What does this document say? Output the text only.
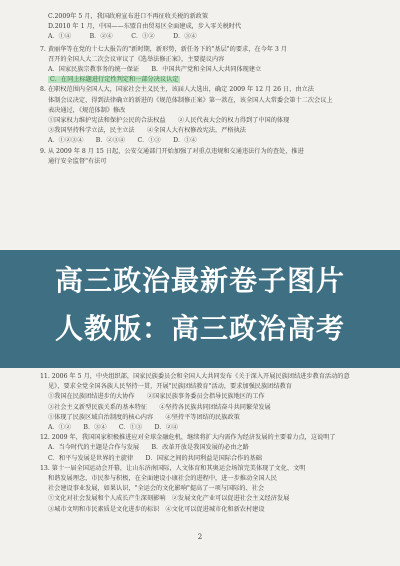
C.2009年 5 月，我国政府宣布进口不再征收关税的新政策
D.2010 年 1 月，中国——东盟自由贸易区全面建成，步入零关税时代
A．①④　　　B．②④　　　C．①②　　　D．③④
7. 黄丽华等在党的十七大报告的"新时期，新形势，新任务下的"基层"的要求，在今年 3 月
召开的全国人大二次会议审议了《选举法修正案》，主要提议内容
A．国家民族宗教事务的统一保证　　B．中国共产党和全国人大共同体现建立
C．在同上标题进行定性判定和一部分决议认定
8. 在职权范围内全国人大，国家社会主义民主，该届人大选出，确定 2009 年 12 月 26 日，由立法
体制会议决定，得到法律确立的新进的《规范体制修正案》第一款在，该全国人大常委会第十二次会议上
表决通过，《规范体制》修改
①国家权力维护宪法和保护公民的合法权益　　②人民代表大会的权力得到了中国的体现
③我国坚持科学立法，民主立法　　④全国人大有权修改宪法，严格执法
A．①②③④　　B．②③④　　C．①③　　D．①④
9. 从 2009 年 8 月 15 日起，公安交通部门开始加强了对重点违规和交通违法行为的查处，推进
通行安全监督"有法可
高三政治最新卷子图片
人教版：高三政治高考
11. 2006 年 5 月，中央组织部，国家民族委员会和全国人大共同发布《关于深入开展民族团结进步教育活动的意
见》，要求全党全国各族人民坚持一贯，开展"民族团结教育"活动，要求加强民族团结教育
①我国在民族团结进步的大协作　　②国家民族事务委员会指导民族地区的工作
③社会主义新型民族关系的基本特征　　④坚持各民族共同团结奋斗共同繁荣发展
①体现了民族区域自治制度的核心内容　　④坚持平等团结的民族政策
A．①②　　B．③④　　C．①③　　D．②④
12. 2009 年，我国国家积极推进应对全球金融危机，继续将扩大内需作为经济发展的主要着力点，这说明了
A．当今时代的主题是合作与发展　　B．改革开放是我国发展的必由之路
C．和平与发展是世界的主旋律　　D．国家之间的共同利益是国际合作的基础
13. 第十一届全国运动会开幕，让山东济南国际，人文体育和其奥运会场馆完美体现了文化、文明
和谐发展理念，市民参与积极，在全面建设小康社会的进程中，进一步推动全国人民
社会建设事业发展，如果认识，"全运会的文化影响"提高了一项与国际的、社会
①文化对社会发展和个人成长产生深刻影响　②发展文化产业可以促进社会主义经济发展
③城市文明和市民素质是文化进步的标识　④文化可以促进城市化和新农村建设
2
